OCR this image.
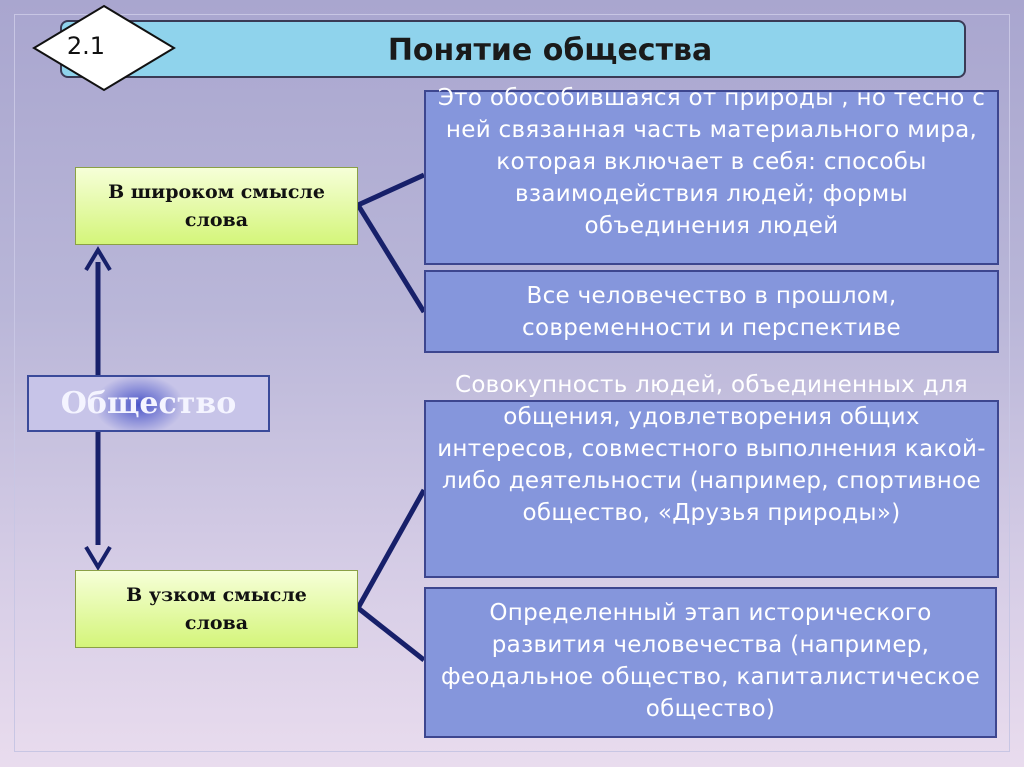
Понятие общества
2.1
В широком смысле слова
В узком смысле слова
Общество
Это обособившаяся от природы , но тесно с ней связанная часть материального мира, которая включает в себя: способы взаимодействия людей; формы объединения людей
Все человечество в прошлом, современности и перспективе
Совокупность людей, объединенных для общения, удовлетворения общих интересов, совместного выполнения какой-либо деятельности (например, спортивное общество, «Друзья природы»)
Определенный этап исторического развития человечества (например, феодальное общество, капиталистическое общество)
